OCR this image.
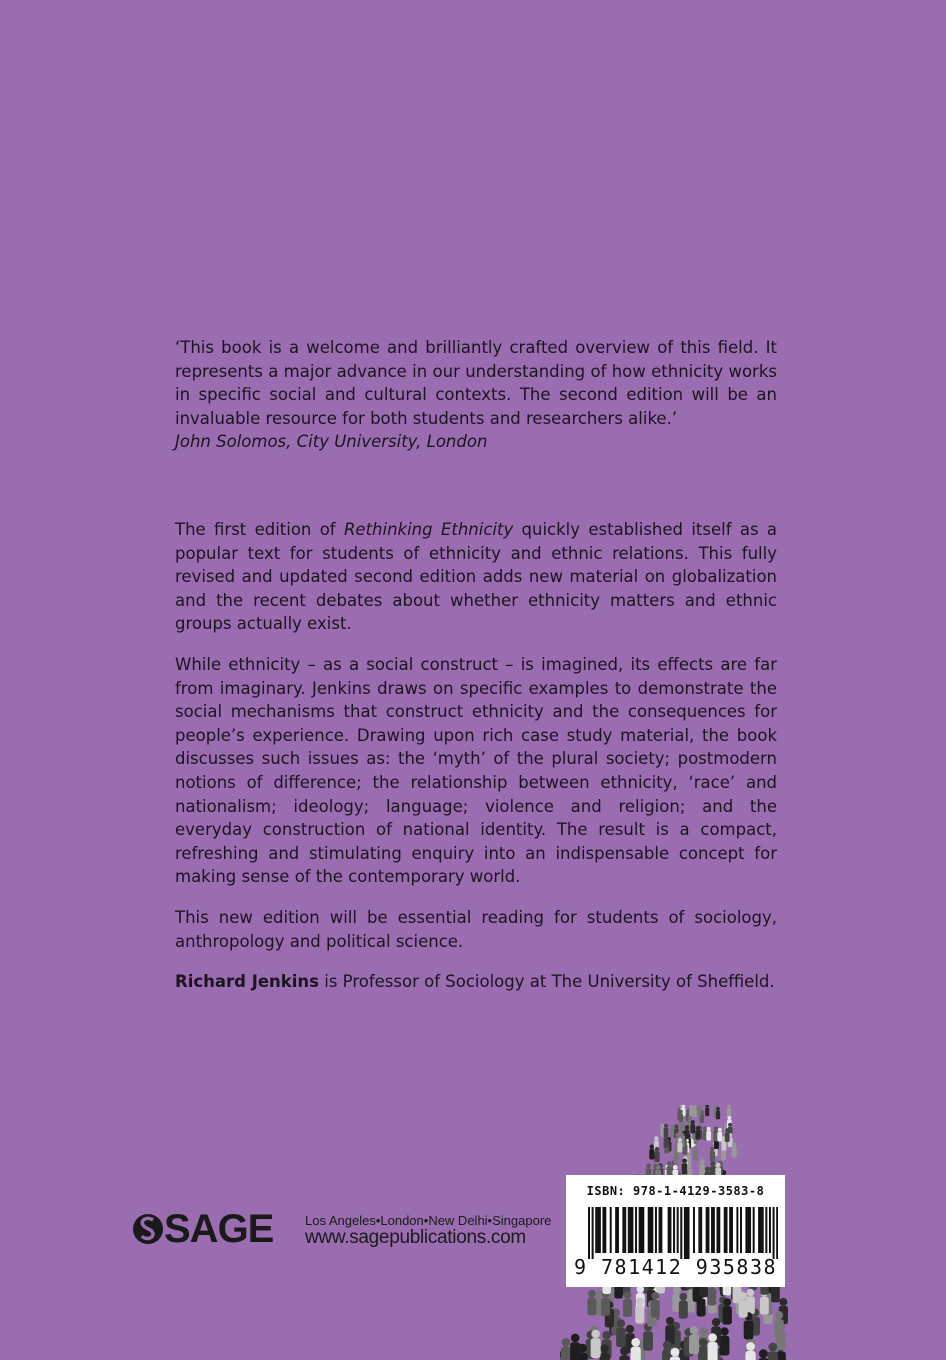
‘This book is a welcome and brilliantly crafted overview of this field. It represents a major advance in our understanding of how ethnicity works in specific social and cultural contexts. The second edition will be an invaluable resource for both students and researchers alike.’
John Solomos, City University, London

The first edition of Rethinking Ethnicity quickly established itself as a popular text for students of ethnicity and ethnic relations. This fully revised and updated second edition adds new material on globalization and the recent debates about whether ethnicity matters and ethnic groups actually exist.

While ethnicity – as a social construct – is imagined, its effects are far from imaginary. Jenkins draws on specific examples to demonstrate the social mechanisms that construct ethnicity and the consequences for people’s experience. Drawing upon rich case study material, the book discusses such issues as: the ‘myth’ of the plural society; postmodern notions of difference; the relationship between ethnicity, ‘race’ and nationalism; ideology; language; violence and religion; and the everyday construction of national identity. The result is a compact, refreshing and stimulating enquiry into an indispensable concept for making sense of the contemporary world.

This new edition will be essential reading for students of sociology, anthropology and political science.

Richard Jenkins is Professor of Sociology at The University of Sheffield.

ISBN: 978-1-4129-3583-8
9 781412 935838
SAGE Los Angeles•London•New Delhi•Singapore
www.sagepublications.com
